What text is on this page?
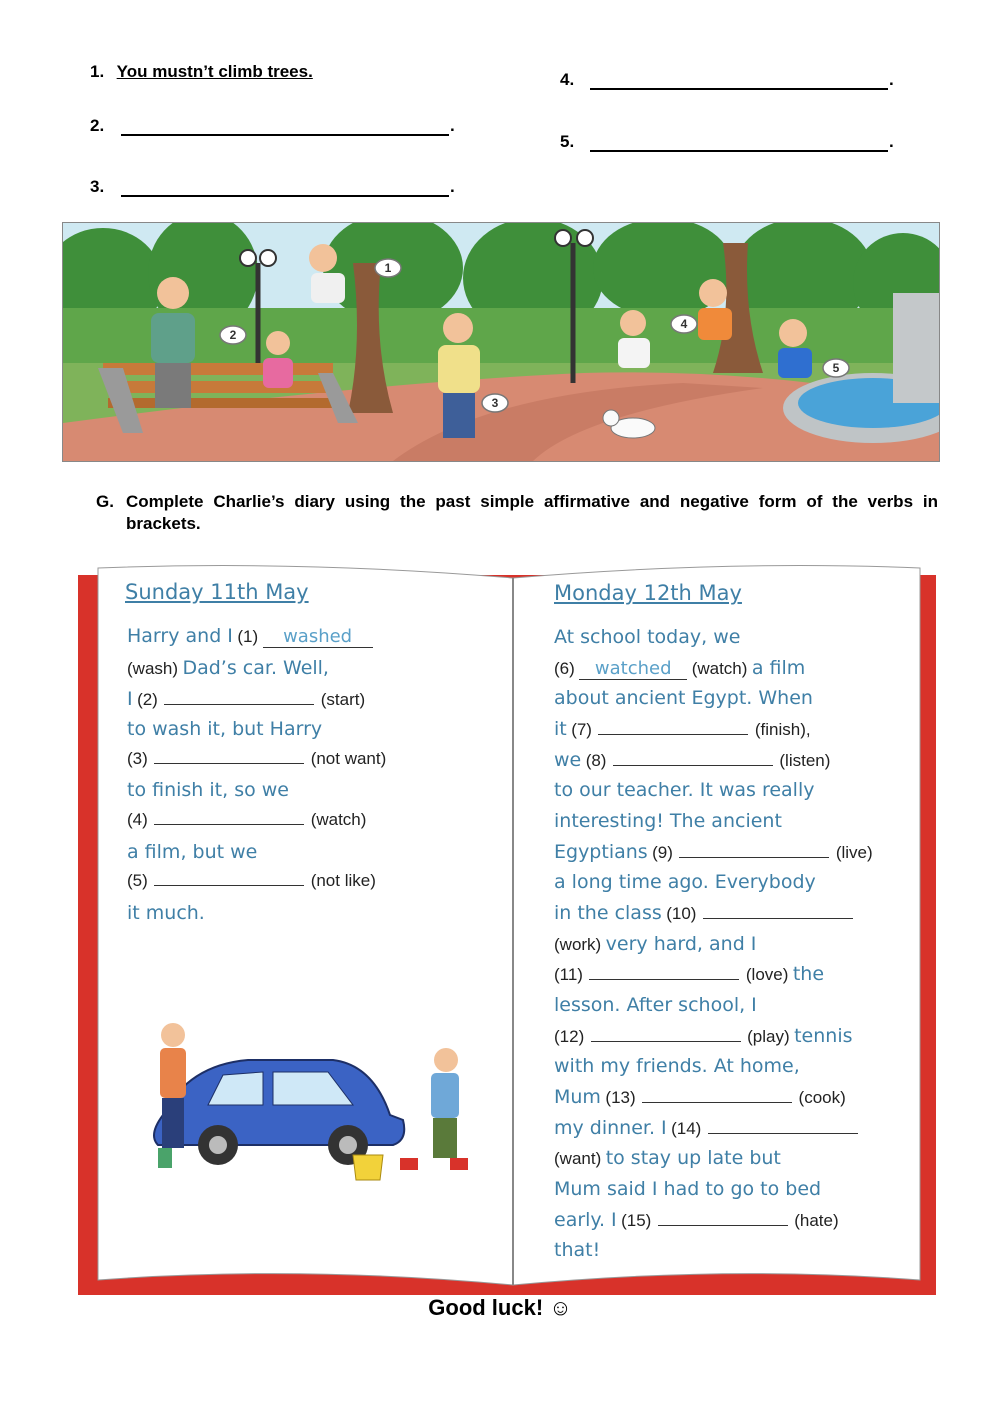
1. You mustn’t climb trees.
2.	.
3.	.
4.	.
5.	.
1
2
3
4
5
G. Complete Charlie’s diary using the past simple affirmative and negative form of the verbs in brackets.
Sunday 11th May
Harry and I (1) washed
(wash) Dad’s car. Well,
I (2)	(start)
to wash it, but Harry
(3)	(not want)
to finish it, so we
(4)	(watch)
a film, but we
(5)	(not like)
it much.
Monday 12th May
At school today, we
(6) watched (watch) a film
about ancient Egypt. When
it (7)	(finish),
we (8)	(listen)
to our teacher. It was really
interesting! The ancient
Egyptians (9)	(live)
a long time ago. Everybody
in the class (10)
(work) very hard, and I
(11)	(love) the
lesson. After school, I
(12)	(play) tennis
with my friends. At home,
Mum (13)	(cook)
my dinner. I (14)
(want) to stay up late but
Mum said I had to go to bed
early. I (15)	(hate)
that!
Good luck! ☺
